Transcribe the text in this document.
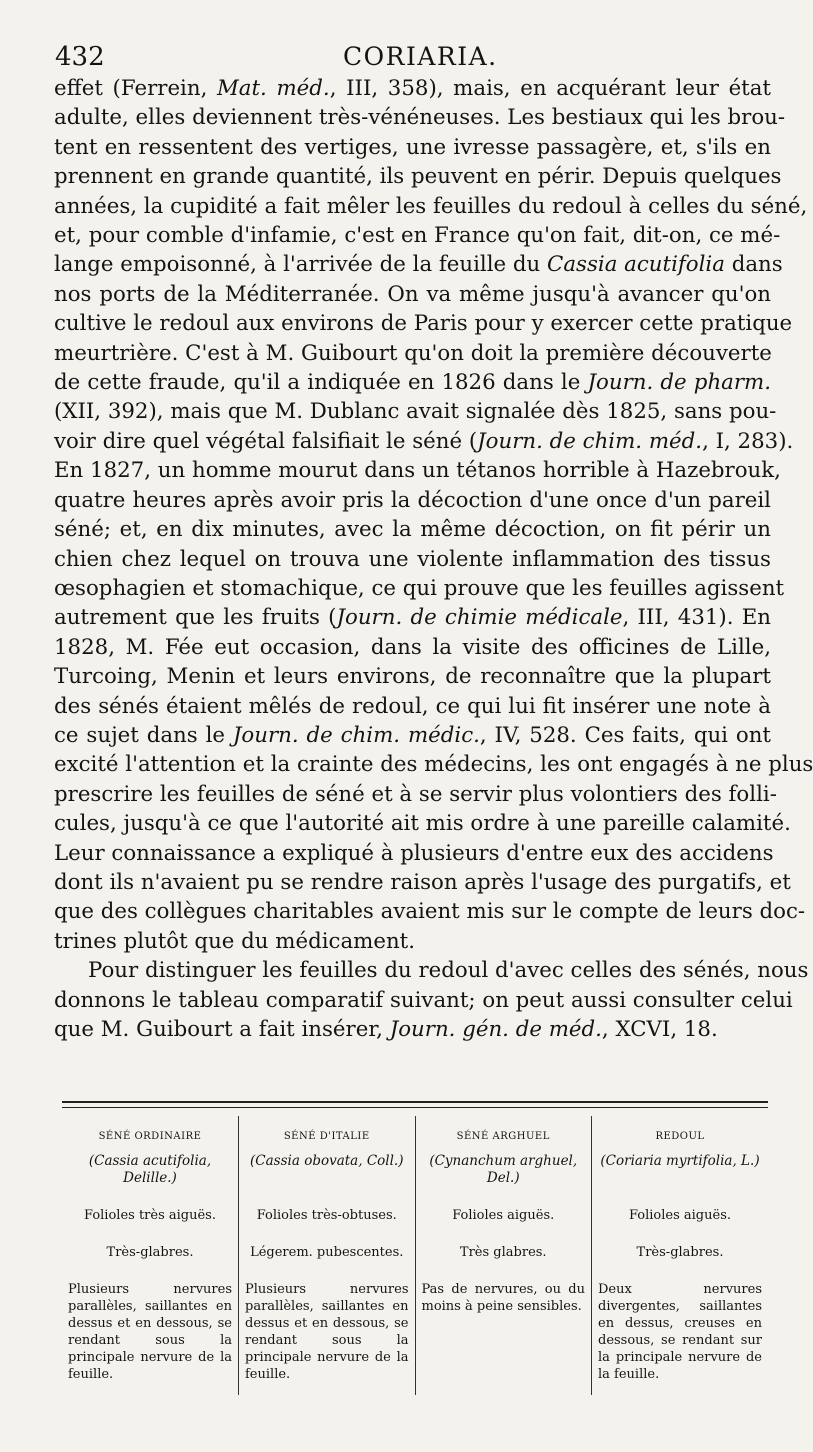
432	CORIARIA.

effet (Ferrein, Mat. méd., III, 358), mais, en acquérant leur état
adulte, elles deviennent très-vénéneuses. Les bestiaux qui les brou-
tent en ressentent des vertiges, une ivresse passagère, et, s'ils en
prennent en grande quantité, ils peuvent en périr. Depuis quelques
années, la cupidité a fait mêler les feuilles du redoul à celles du séné,
et, pour comble d'infamie, c'est en France qu'on fait, dit-on, ce mé-
lange empoisonné, à l'arrivée de la feuille du Cassia acutifolia dans
nos ports de la Méditerranée. On va même jusqu'à avancer qu'on
cultive le redoul aux environs de Paris pour y exercer cette pratique
meurtrière. C'est à M. Guibourt qu'on doit la première découverte
de cette fraude, qu'il a indiquée en 1826 dans le Journ. de pharm.
(XII, 392), mais que M. Dublanc avait signalée dès 1825, sans pou-
voir dire quel végétal falsifiait le séné (Journ. de chim. méd., I, 283).
En 1827, un homme mourut dans un tétanos horrible à Hazebrouk,
quatre heures après avoir pris la décoction d'une once d'un pareil
séné; et, en dix minutes, avec la même décoction, on fit périr un
chien chez lequel on trouva une violente inflammation des tissus
œsophagien et stomachique, ce qui prouve que les feuilles agissent
autrement que les fruits (Journ. de chimie médicale, III, 431). En
1828, M. Fée eut occasion, dans la visite des officines de Lille,
Turcoing, Menin et leurs environs, de reconnaître que la plupart
des sénés étaient mêlés de redoul, ce qui lui fit insérer une note à
ce sujet dans le Journ. de chim. médic., IV, 528. Ces faits, qui ont
excité l'attention et la crainte des médecins, les ont engagés à ne plus
prescrire les feuilles de séné et à se servir plus volontiers des folli-
cules, jusqu'à ce que l'autorité ait mis ordre à une pareille calamité.
Leur connaissance a expliqué à plusieurs d'entre eux des accidens
dont ils n'avaient pu se rendre raison après l'usage des purgatifs, et
que des collègues charitables avaient mis sur le compte de leurs doc-
trines plutôt que du médicament.

Pour distinguer les feuilles du redoul d'avec celles des sénés, nous
donnons le tableau comparatif suivant; on peut aussi consulter celui
que M. Guibourt a fait insérer, Journ. gén. de méd., XCVI, 18.

SÉNÉ ORDINAIRE	SÉNÉ D'ITALIE	SÉNÉ ARGHUEL	REDOUL
(Cassia acutifolia, Delille.)	(Cassia obovata, Coll.)	(Cynanchum arghuel, Del.)	(Coriaria myrtifolia, L.)
Folioles très aiguës.	Folioles très-obtuses.	Folioles aiguës.	Folioles aiguës.
Très-glabres.	Légerem. pubescentes.	Très glabres.	Très-glabres.
Plusieurs nervures parallèles, saillantes en dessus et en dessous, se rendant sous la principale nervure de la feuille.	Plusieurs nervures parallèles, saillantes en dessus et en dessous, se rendant sous la principale nervure de la feuille.	Pas de nervures, ou du moins à peine sensibles.	Deux nervures divergentes, saillantes en dessus, creuses en dessous, se rendant sur la principale nervure de la feuille.
